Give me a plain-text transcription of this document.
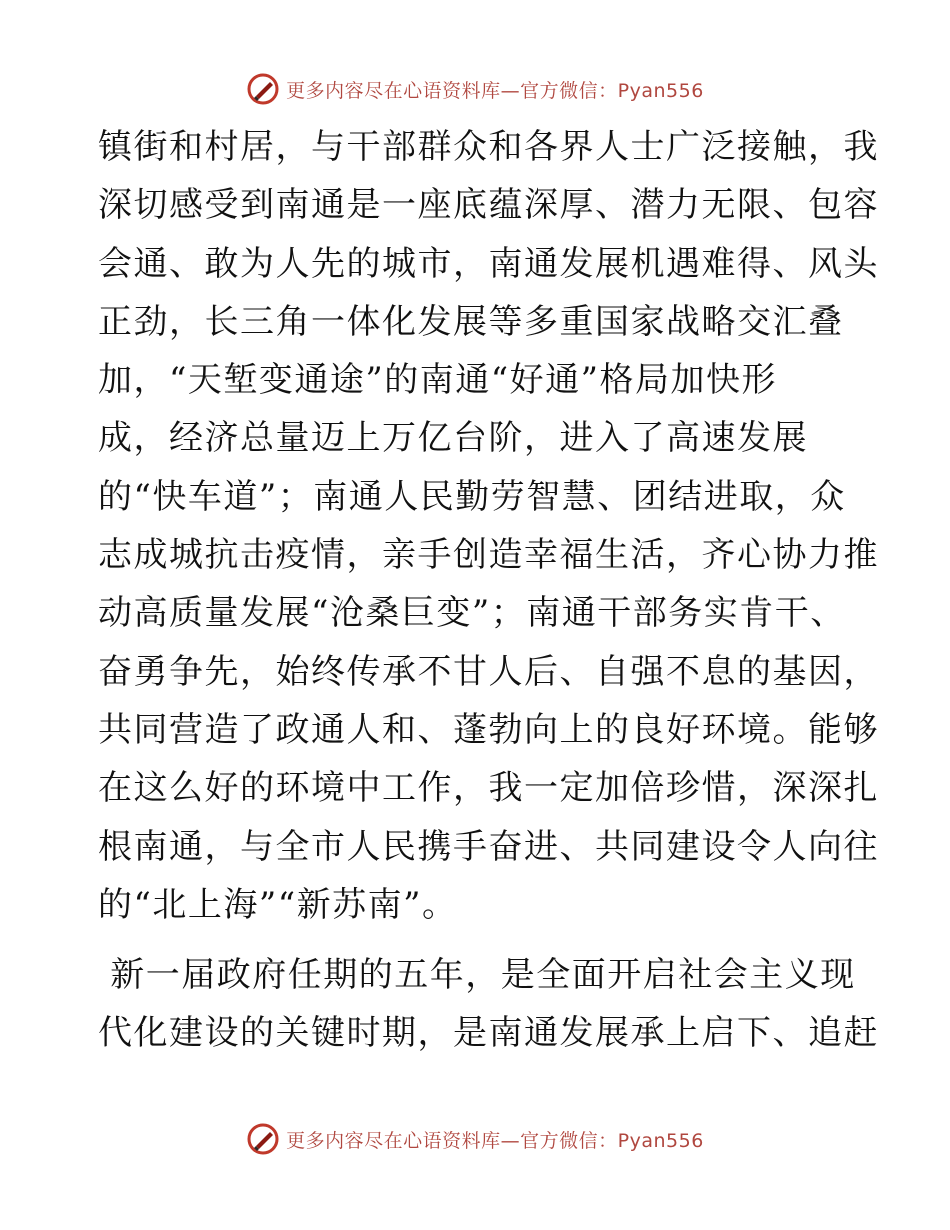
更多内容尽在心语资料库—官方微信：Pyan556
镇街和村居，与干部群众和各界人士广泛接触，我
深切感受到南通是一座底蕴深厚、潜力无限、包容
会通、敢为人先的城市，南通发展机遇难得、风头
正劲，长三角一体化发展等多重国家战略交汇叠
加，“天堑变通途”的南通“好通”格局加快形
成，经济总量迈上万亿台阶，进入了高速发展
的“快车道”；南通人民勤劳智慧、团结进取，众
志成城抗击疫情，亲手创造幸福生活，齐心协力推
动高质量发展“沧桑巨变”；南通干部务实肯干、
奋勇争先，始终传承不甘人后、自强不息的基因，
共同营造了政通人和、蓬勃向上的良好环境。能够
在这么好的环境中工作，我一定加倍珍惜，深深扎
根南通，与全市人民携手奋进、共同建设令人向往
的“北上海”“新苏南”。
新一届政府任期的五年，是全面开启社会主义现
代化建设的关键时期，是南通发展承上启下、追赶
更多内容尽在心语资料库—官方微信：Pyan556
